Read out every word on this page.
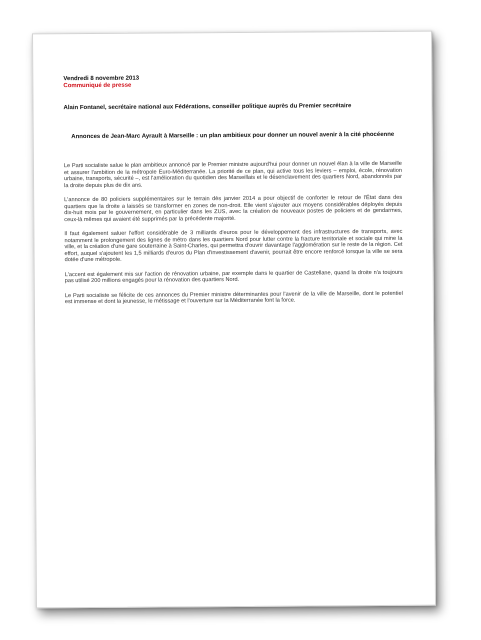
Vendredi 8 novembre 2013
Communiqué de presse
Alain Fontanel, secrétaire national aux Fédérations, conseiller politique auprès du Premier secrétaire
Annonces de Jean-Marc Ayrault à Marseille : un plan ambitieux pour donner un nouvel avenir à la cité phocéenne
Le Parti socialiste salue le plan ambitieux annoncé par le Premier ministre aujourd'hui pour donner un nouvel élan à la ville de Marseille et assurer l'ambition de la métropole Euro-Méditerranée. La priorité de ce plan, qui active tous les leviers – emploi, école, rénovation urbaine, transports, sécurité –, est l'amélioration du quotidien des Marseillais et le désenclavement des quartiers Nord, abandonnés par la droite depuis plus de dix ans.
L'annonce de 80 policiers supplémentaires sur le terrain dès janvier 2014 a pour objectif de conforter le retour de l'État dans des quartiers que la droite a laissés se transformer en zones de non-droit. Elle vient s'ajouter aux moyens considérables déployés depuis dix-huit mois par le gouvernement, en particulier dans les ZUS, avec la création de nouveaux postes de policiers et de gendarmes, ceux-là mêmes qui avaient été supprimés par la précédente majorité.
Il faut également saluer l'effort considérable de 3 milliards d'euros pour le développement des infrastructures de transports, avec notamment le prolongement des lignes de métro dans les quartiers Nord pour lutter contre la fracture territoriale et sociale qui mine la ville, et la création d'une gare souterraine à Saint-Charles, qui permettra d'ouvrir davantage l'agglomération sur le reste de la région. Cet effort, auquel s'ajoutent les 1,5 milliards d'euros du Plan d'investissement d'avenir, pourrait être encore renforcé lorsque la ville se sera dotée d'une métropole.
L'accent est également mis sur l'action de rénovation urbaine, par exemple dans le quartier de Castellane, quand la droite n'a toujours pas utilisé 200 millions engagés pour la rénovation des quartiers Nord.
Le Parti socialiste se félicite de ces annonces du Premier ministre déterminantes pour l'avenir de la ville de Marseille, dont le potentiel est immense et dont la jeunesse, le métissage et l'ouverture sur la Méditerranée font la force.
